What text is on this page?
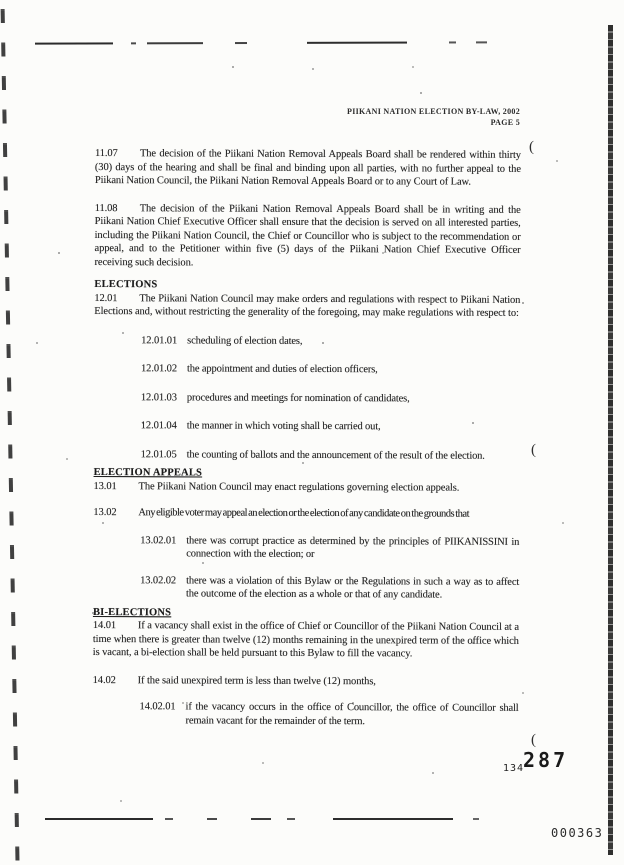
PIIKANI NATION ELECTION BY-LAW, 2002
PAGE 5
(
(
(

11.07 The decision of the Piikani Nation Removal Appeals Board shall be rendered within thirty (30) days of the hearing and shall be final and binding upon all parties, with no further appeal to the Piikani Nation Council, the Piikani Nation Removal Appeals Board or to any Court of Law.

11.08 The decision of the Piikani Nation Removal Appeals Board shall be in writing and the Piikani Nation Chief Executive Officer shall ensure that the decision is served on all interested parties, including the Piikani Nation Council, the Chief or Councillor who is subject to the recommendation or appeal, and to the Petitioner within five (5) days of the Piikani Nation Chief Executive Officer receiving such decision.

ELECTIONS

12.01 The Piikani Nation Council may make orders and regulations with respect to Piikani Nation Elections and, without restricting the generality of the foregoing, may make regulations with respect to:

12.01.01 scheduling of election dates,
12.01.02 the appointment and duties of election officers,
12.01.03 procedures and meetings for nomination of candidates,
12.01.04 the manner in which voting shall be carried out,
12.01.05 the counting of ballots and the announcement of the result of the election.

ELECTION APPEALS

13.01 The Piikani Nation Council may enact regulations governing election appeals.

13.02 Any eligible voter may appeal an election or the election of any candidate on the grounds that

13.02.01 there was corrupt practice as determined by the principles of PIIKANISSINI in connection with the election; or
13.02.02 there was a violation of this Bylaw or the Regulations in such a way as to affect the outcome of the election as a whole or that of any candidate.

BI-ELECTIONS

14.01 If a vacancy shall exist in the office of Chief or Councillor of the Piikani Nation Council at a time when there is greater than twelve (12) months remaining in the unexpired term of the office which is vacant, a bi-election shall be held pursuant to this Bylaw to fill the vacancy.

14.02 If the said unexpired term is less than twelve (12) months,

14.02.01 if the vacancy occurs in the office of Councillor, the office of Councillor shall remain vacant for the remainder of the term.
134
287
000363
